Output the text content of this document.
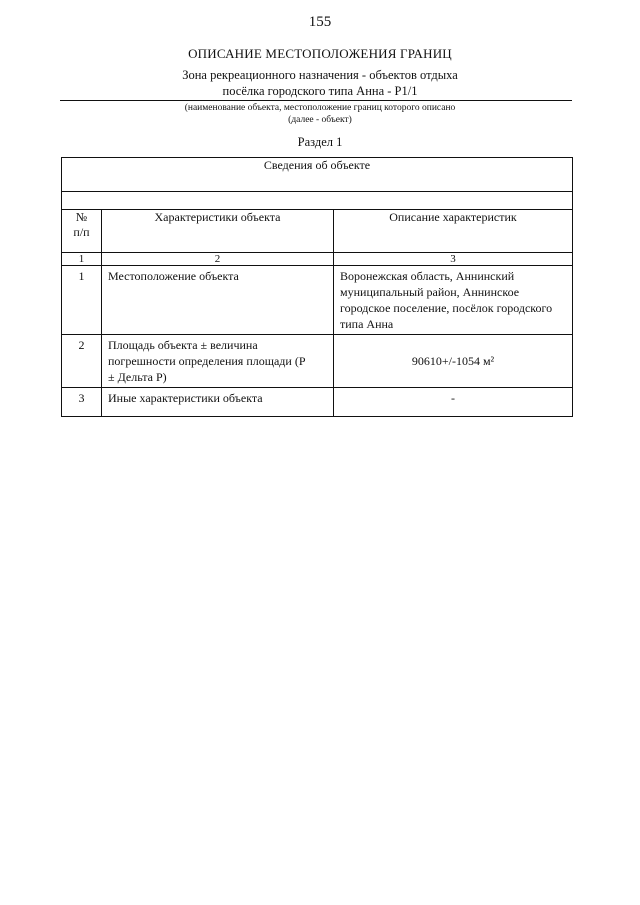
155
ОПИСАНИЕ МЕСТОПОЛОЖЕНИЯ ГРАНИЦ
Зона рекреационного назначения - объектов отдыха
посёлка городского типа Анна - Р1/1
(наименование объекта, местоположение границ которого описано
(далее - объект)
Раздел 1
Сведения об объекте		

№
п/п	Характеристики объекта	Описание характеристик
1	2	3

1	Местоположение объекта	Воронежская область, Аннинский муниципальный район, Аннинское городское поселение, посёлок городского типа Анна

2	Площадь объекта ± величина погрешности определения площади (Р ± Дельта Р)	90610+/-1054 м²

3	Иные характеристики объекта	-
